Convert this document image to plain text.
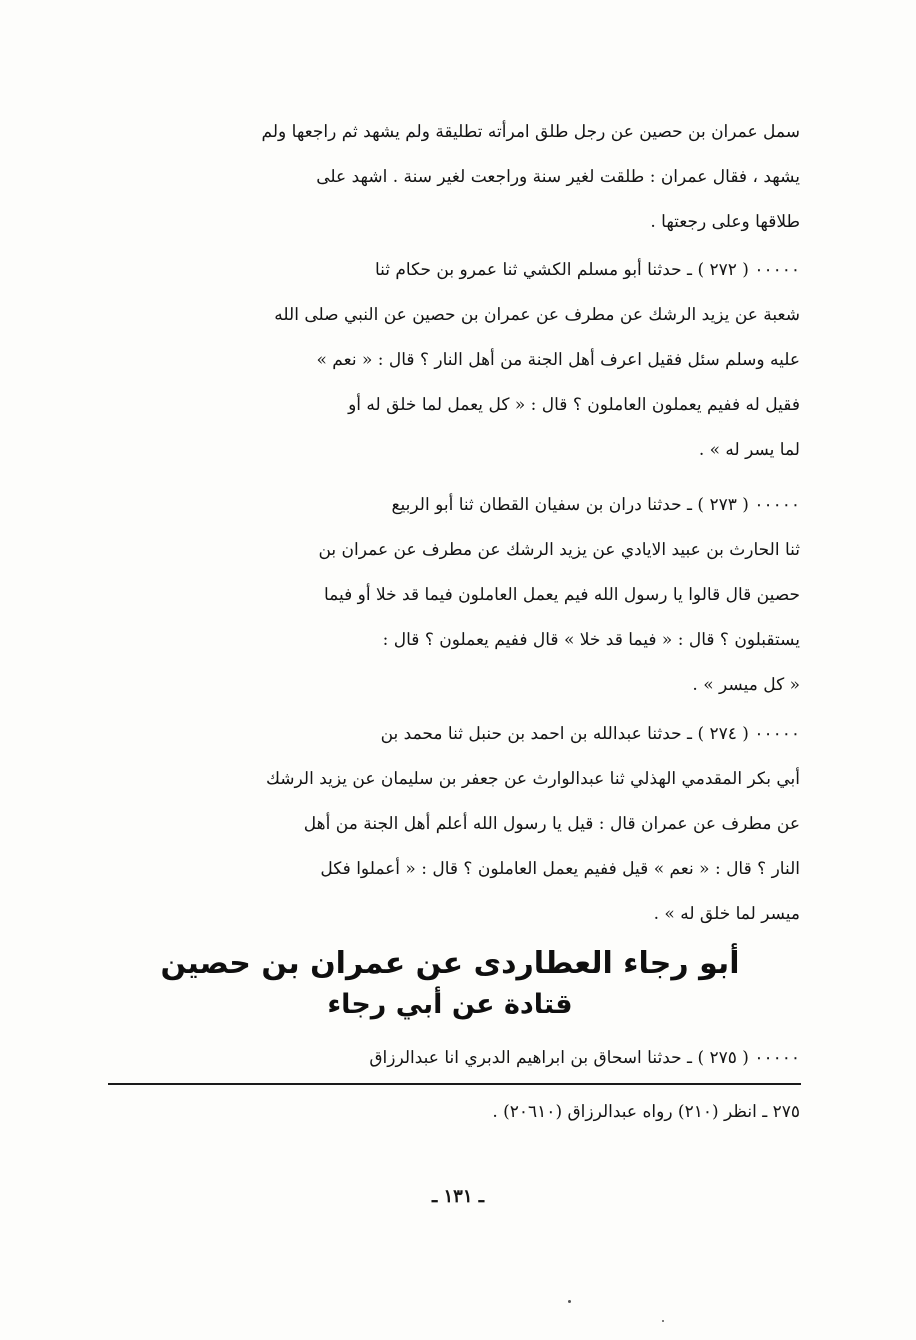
سمل عمران بن حصين عن رجل طلق امرأته تطليقة ولم يشهد ثم راجعها ولم
يشهد ، فقال عمران : طلقت لغير سنة وراجعت لغير سنة . اشهد على
طلاقها وعلى رجعتها .
٠٠٠٠٠ ( ٢٧٢ ) ـ حدثنا أبو مسلم الكشي ثنا عمرو بن حكام ثنا
شعبة عن يزيد الرشك عن مطرف عن عمران بن حصين عن النبي صلى الله
عليه وسلم سئل فقيل اعرف أهل الجنة من أهل النار ؟ قال : « نعم »
فقيل له ففيم يعملون العاملون ؟ قال : « كل يعمل لما خلق له أو
لما يسر له » .
٠٠٠٠٠ ( ٢٧٣ ) ـ حدثنا دران بن سفيان القطان ثنا أبو الربيع
ثنا الحارث بن عبيد الايادي عن يزيد الرشك عن مطرف عن عمران بن
حصين قال قالوا يا رسول الله فيم يعمل العاملون فيما قد خلا أو فيما
يستقبلون ؟ قال : « فيما قد خلا » قال ففيم يعملون ؟ قال :
« كل ميسر » .
٠٠٠٠٠ ( ٢٧٤ ) ـ حدثنا عبدالله بن احمد بن حنبل ثنا محمد بن
أبي بكر المقدمي الهذلي ثنا عبدالوارث عن جعفر بن سليمان عن يزيد الرشك
عن مطرف عن عمران قال : قيل يا رسول الله أعلم أهل الجنة من أهل
النار ؟ قال : « نعم » قيل ففيم يعمل العاملون ؟ قال : « أعملوا فكل
ميسر لما خلق له » .
أبو رجاء العطاردى عن عمران بن حصين
قتادة عن أبي رجاء
٠٠٠٠٠ ( ٢٧٥ ) ـ حدثنا اسحاق بن ابراهيم الدبري انا عبدالرزاق
٢٧٥ ـ انظر (٢١٠) رواه عبدالرزاق (٢٠٦١٠) .
ـ ١٣١ ـ
